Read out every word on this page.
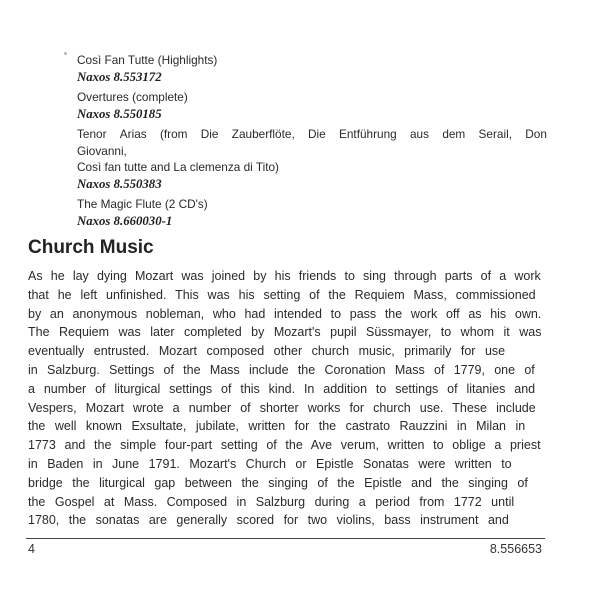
Così Fan Tutte (Highlights)
Naxos 8.553172
Overtures (complete)
Naxos 8.550185
Tenor Arias (from Die Zauberflöte, Die Entführung aus dem Serail, Don
Giovanni,
Così fan tutte and La clemenza di Tito)
Naxos 8.550383
The Magic Flute (2 CD's)
Naxos 8.660030-1
Church Music
As he lay dying Mozart was joined by his friends to sing through parts of a work
that he left unfinished. This was his setting of the Requiem Mass, commissioned
by an anonymous nobleman, who had intended to pass the work off as his own.
The Requiem was later completed by Mozart's pupil Süssmayer, to whom it was
eventually entrusted. Mozart composed other church music, primarily for use
in Salzburg. Settings of the Mass include the Coronation Mass of 1779, one of
a number of liturgical settings of this kind. In addition to settings of litanies and
Vespers, Mozart wrote a number of shorter works for church use. These include
the well known Exsultate, jubilate, written for the castrato Rauzzini in Milan in
1773 and the simple four-part setting of the Ave verum, written to oblige a priest
in Baden in June 1791. Mozart's Church or Epistle Sonatas were written to
bridge the liturgical gap between the singing of the Epistle and the singing of
the Gospel at Mass. Composed in Salzburg during a period from 1772 until
1780, the sonatas are generally scored for two violins, bass instrument and
4	8.556653
